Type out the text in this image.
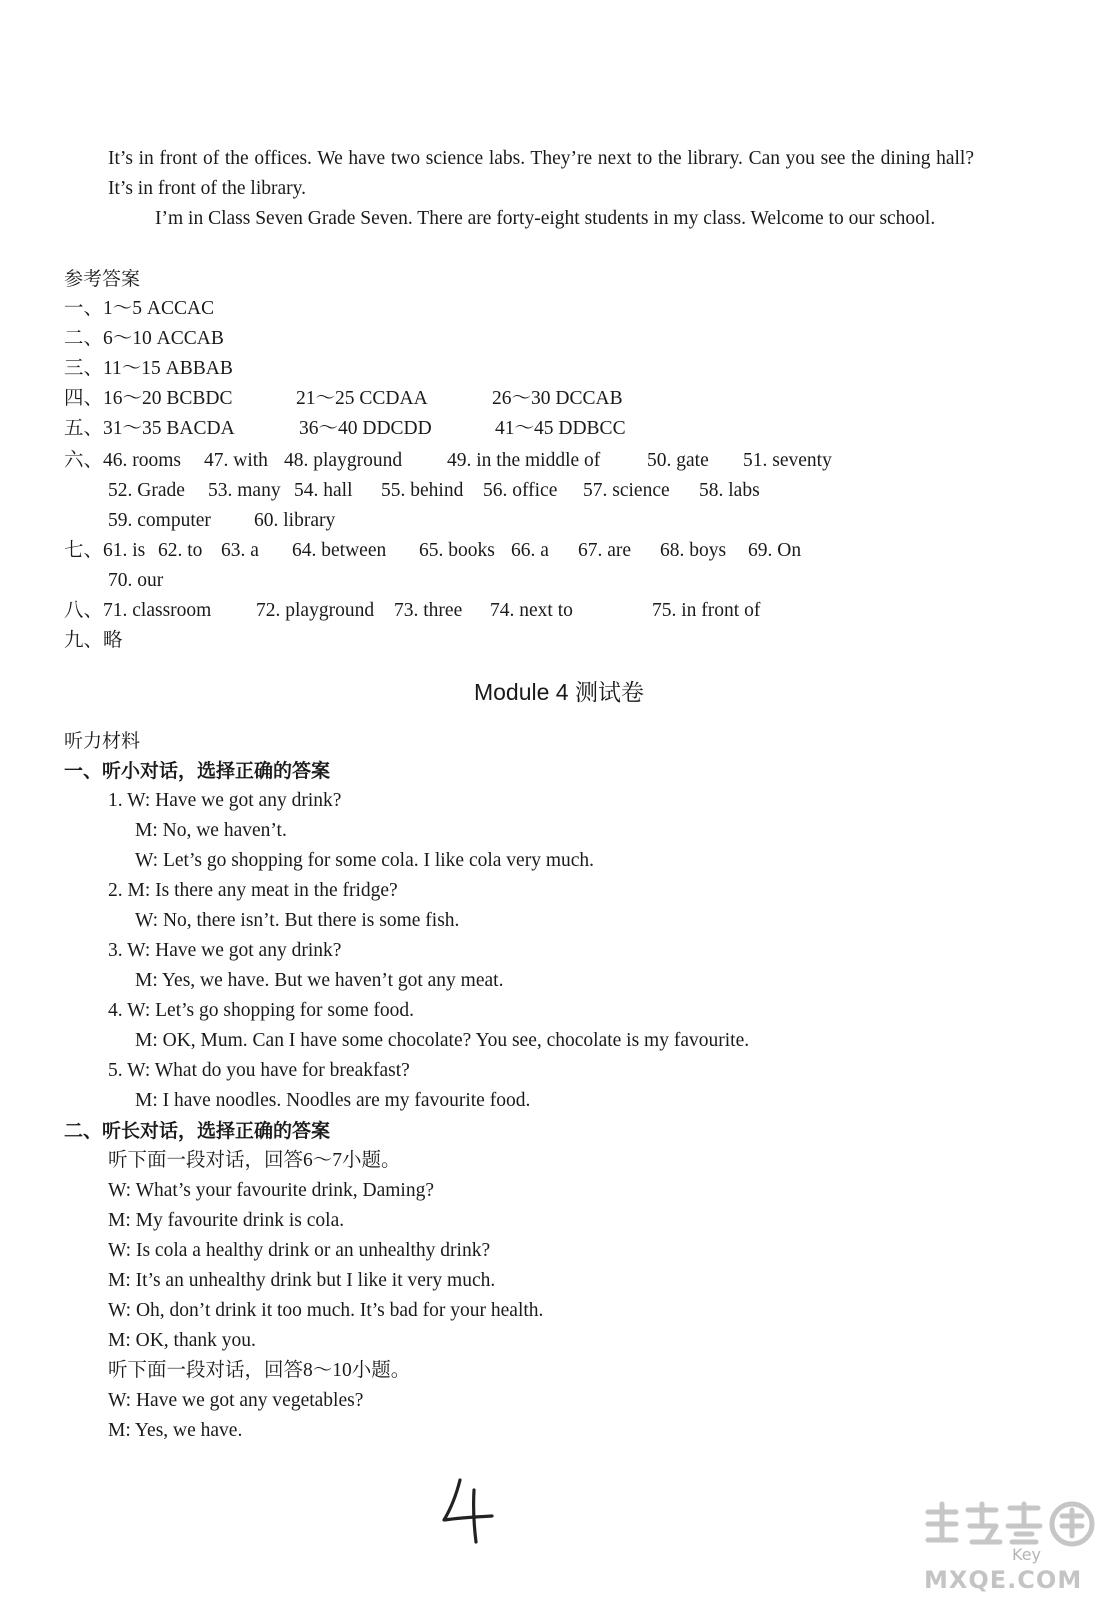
It’s in front of the offices. We have two science labs. They’re next to the library. Can you see the dining hall? It’s in front of the library.
I’m in Class Seven Grade Seven. There are forty-eight students in my class. Welcome to our school.
参考答案
一、1～5 ACCAC
二、6～10 ACCAB
三、11～15 ABBAB
四、16～20 BCBDC	21～25 CCDAA	26～30 DCCAB
五、31～35 BACDA	36～40 DDCDD	41～45 DDBCC
六、46. rooms 47. with 48. playground 49. in the middle of 50. gate 51. seventy
52. Grade 53. many 54. hall 55. behind 56. office 57. science 58. labs
59. computer 60. library
七、61. is 62. to 63. a 64. between 65. books 66. a 67. are 68. boys 69. On
70. our
八、71. classroom 72. playground 73. three 74. next to	75. in front of
九、略
Module 4 测试卷
听力材料
一、听小对话，选择正确的答案
1. W: Have we got any drink?
M: No, we haven’t.
W: Let’s go shopping for some cola. I like cola very much.
2. M: Is there any meat in the fridge?
W: No, there isn’t. But there is some fish.
3. W: Have we got any drink?
M: Yes, we have. But we haven’t got any meat.
4. W: Let’s go shopping for some food.
M: OK, Mum. Can I have some chocolate? You see, chocolate is my favourite.
5. W: What do you have for breakfast?
M: I have noodles. Noodles are my favourite food.
二、听长对话，选择正确的答案
听下面一段对话，回答6～7小题。
W: What’s your favourite drink, Daming?
M: My favourite drink is cola.
W: Is cola a healthy drink or an unhealthy drink?
M: It’s an unhealthy drink but I like it very much.
W: Oh, don’t drink it too much. It’s bad for your health.
M: OK, thank you.
听下面一段对话，回答8～10小题。
W: Have we got any vegetables?
M: Yes, we have.
Key
MXQE.COM
